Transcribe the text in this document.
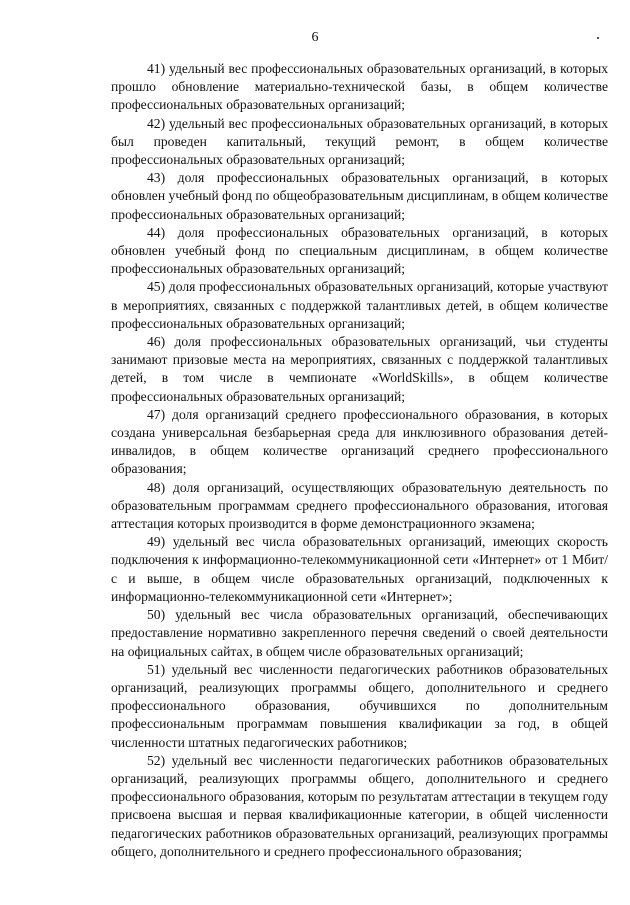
6

41) удельный вес профессиональных образовательных организаций, в которых прошло обновление материально-технической базы, в общем количестве профессиональных образовательных организаций;

42) удельный вес профессиональных образовательных организаций, в которых был проведен капитальный, текущий ремонт, в общем количестве профессиональных образовательных организаций;

43) доля профессиональных образовательных организаций, в которых обновлен учебный фонд по общеобразовательным дисциплинам, в общем количестве профессиональных образовательных организаций;

44) доля профессиональных образовательных организаций, в которых обновлен учебный фонд по специальным дисциплинам, в общем количестве профессиональных образовательных организаций;

45) доля профессиональных образовательных организаций, которые участвуют в мероприятиях, связанных с поддержкой талантливых детей, в общем количестве профессиональных образовательных организаций;

46) доля профессиональных образовательных организаций, чьи студенты занимают призовые места на мероприятиях, связанных с поддержкой талантливых детей, в том числе в чемпионате «WorldSkills», в общем количестве профессиональных образовательных организаций;

47) доля организаций среднего профессионального образования, в которых создана универсальная безбарьерная среда для инклюзивного образования детей-инвалидов, в общем количестве организаций среднего профессионального образования;

48) доля организаций, осуществляющих образовательную деятельность по образовательным программам среднего профессионального образования, итоговая аттестация которых производится в форме демонстрационного экзамена;

49) удельный вес числа образовательных организаций, имеющих скорость подключения к информационно-телекоммуникационной сети «Интернет» от 1 Мбит/с и выше, в общем числе образовательных организаций, подключенных к информационно-телекоммуникационной сети «Интернет»;

50) удельный вес числа образовательных организаций, обеспечивающих предоставление нормативно закрепленного перечня сведений о своей деятельности на официальных сайтах, в общем числе образовательных организаций;

51) удельный вес численности педагогических работников образовательных организаций, реализующих программы общего, дополнительного и среднего профессионального образования, обучившихся по дополнительным профессиональным программам повышения квалификации за год, в общей численности штатных педагогических работников;

52) удельный вес численности педагогических работников образовательных организаций, реализующих программы общего, дополнительного и среднего профессионального образования, которым по результатам аттестации в текущем году присвоена высшая и первая квалификационные категории, в общей численности педагогических работников образовательных организаций, реализующих программы общего, дополнительного и среднего профессионального образования;
